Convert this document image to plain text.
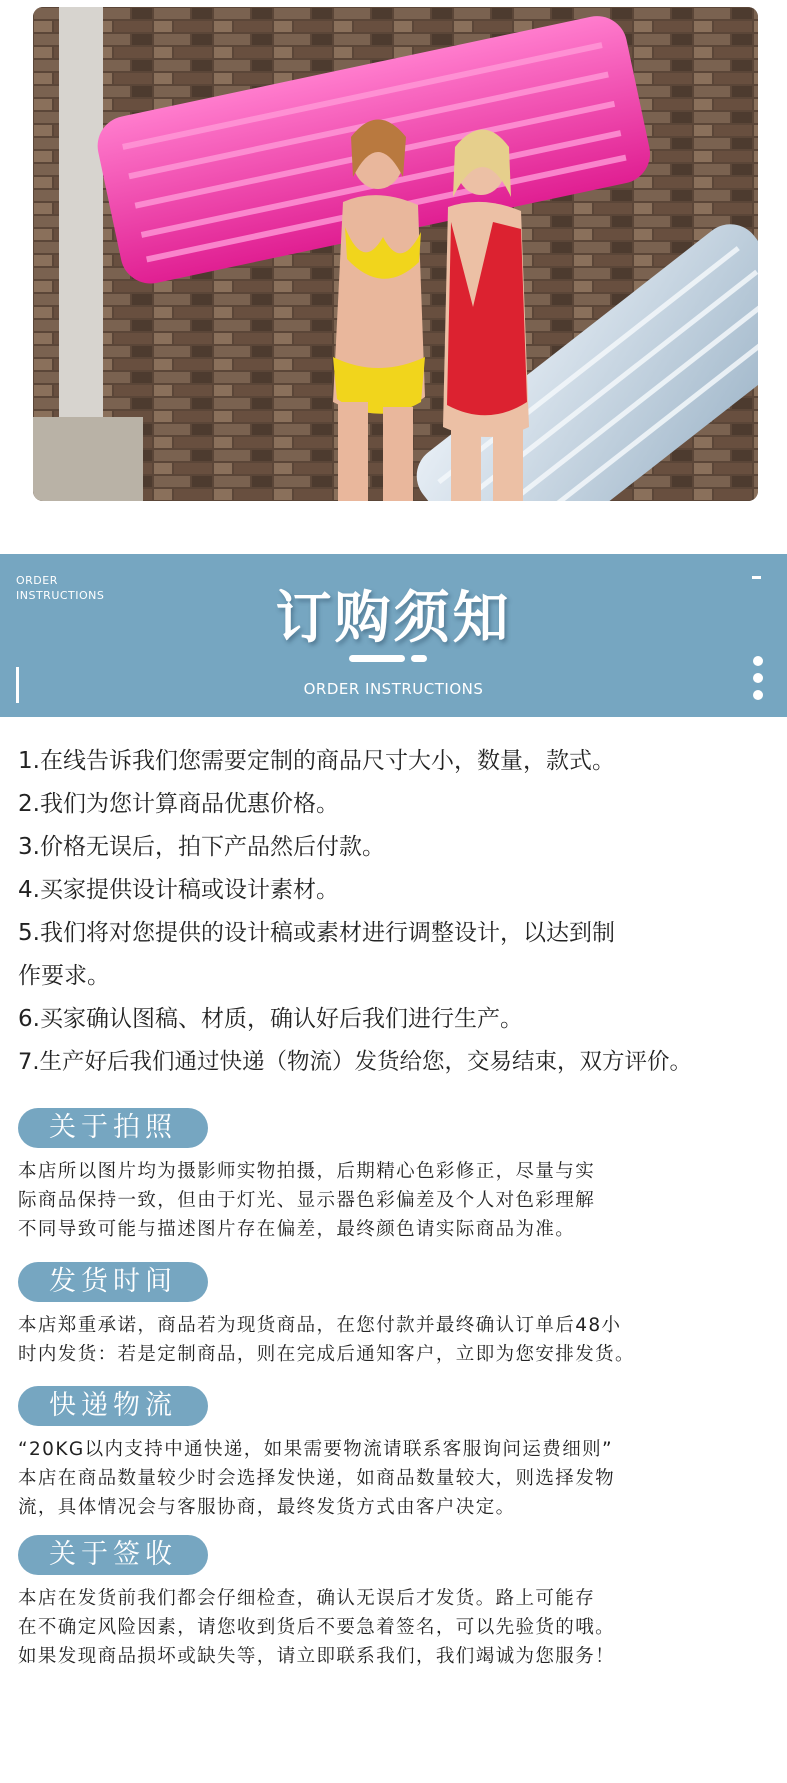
ORDER
INSTRUCTIONS	订购须知
ORDER INSTRUCTIONS
1.在线告诉我们您需要定制的商品尺寸大小，数量，款式。
2.我们为您计算商品优惠价格。
3.价格无误后，拍下产品然后付款。
4.买家提供设计稿或设计素材。
5.我们将对您提供的设计稿或素材进行调整设计，以达到制
作要求。
6.买家确认图稿、材质，确认好后我们进行生产。
7.生产好后我们通过快递（物流）发货给您，交易结束，双方评价。
关于拍照
本店所以图片均为摄影师实物拍摄，后期精心色彩修正，尽量与实
际商品保持一致，但由于灯光、显示器色彩偏差及个人对色彩理解
不同导致可能与描述图片存在偏差，最终颜色请实际商品为准。
发货时间
本店郑重承诺，商品若为现货商品，在您付款并最终确认订单后48小
时内发货：若是定制商品，则在完成后通知客户，立即为您安排发货。
快递物流
“20KG以内支持中通快递，如果需要物流请联系客服询问运费细则”
本店在商品数量较少时会选择发快递，如商品数量较大，则选择发物
流，具体情况会与客服协商，最终发货方式由客户决定。
关于签收
本店在发货前我们都会仔细检查，确认无误后才发货。路上可能存
在不确定风险因素，请您收到货后不要急着签名，可以先验货的哦。
如果发现商品损坏或缺失等，请立即联系我们，我们竭诚为您服务！
